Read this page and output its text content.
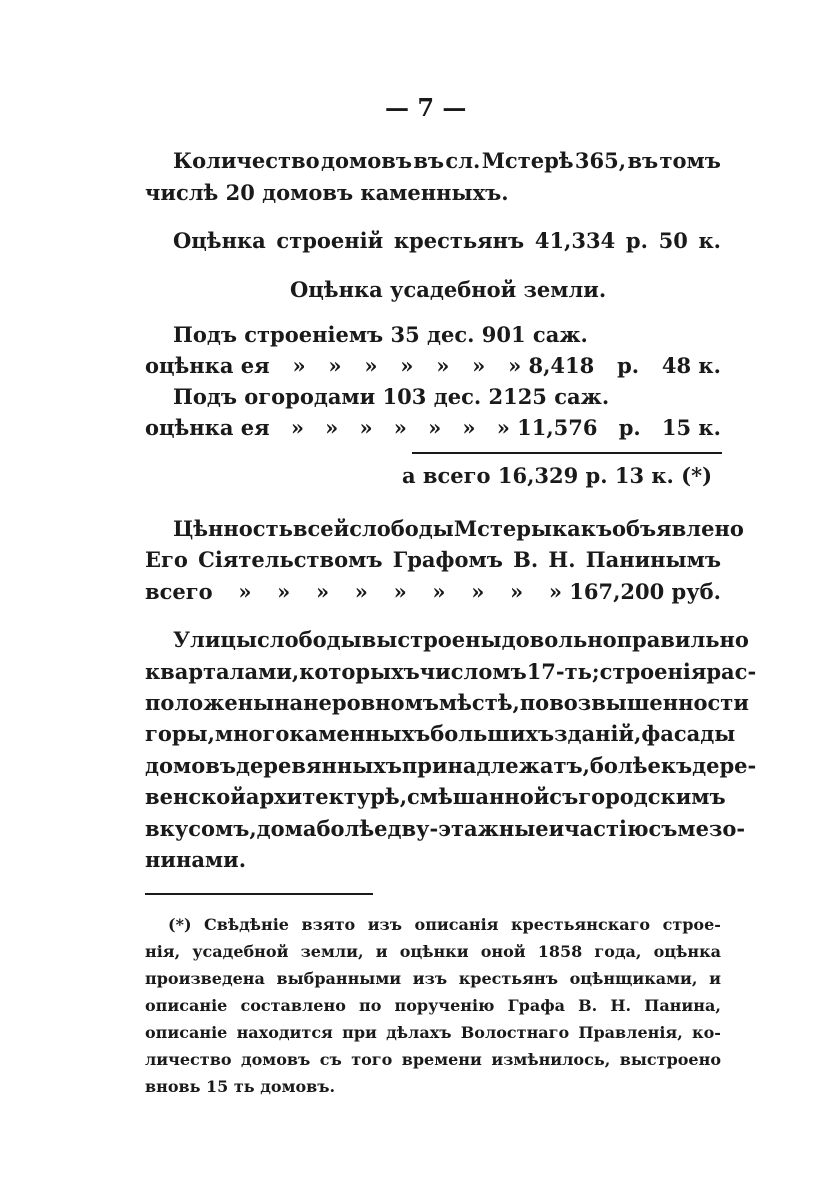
— 7 —
Количество домовъ въ сл. Мстерѣ 365, въ томъ
числѣ 20 домовъ каменныхъ.
Оцѣнка строеній крестьянъ 41,334 р. 50 к.
Оцѣнка усадебной земли.
Подъ строеніемъ 35 дес. 901 саж.
оцѣнка ея » » » » » » » 8,418 р. 48 к.
Подъ огородами 103 дес. 2125 саж.
оцѣнка ея » » » » » » » 11,576 р. 15 к.
а всего 16,329 р. 13 к. (*)
Цѣнность всей слободы Мстеры какъ объявлено
Его Сіятельствомъ Графомъ В. Н. Панинымъ
всего » » » » » » » » » 167,200 руб.
Улицы слободы выстроены довольно правильно
кварталами, которыхъ числомъ 17-ть; строенія рас-
положены на неровномъ мѣстѣ, по возвышенности
горы, много каменныхъ большихъ зданій, фасады
домовъ деревянныхъ принадлежатъ, болѣе къ дере-
венской архитектурѣ, смѣшанной съ городскимъ
вкусомъ, дома болѣе дву-этажные и частію съ мезо-
нинами.
(*) Свѣдѣніе взято изъ описанія крестьянскаго строе-
нія, усадебной земли, и оцѣнки оной 1858 года, оцѣнка
произведена выбранными изъ крестьянъ оцѣнщиками, и
описаніе составлено по порученію Графа В. Н. Панина,
описаніе находится при дѣлахъ Волостнаго Правленія, ко-
личество домовъ съ того времени измѣнилось, выстроено
вновь 15 ть домовъ.
